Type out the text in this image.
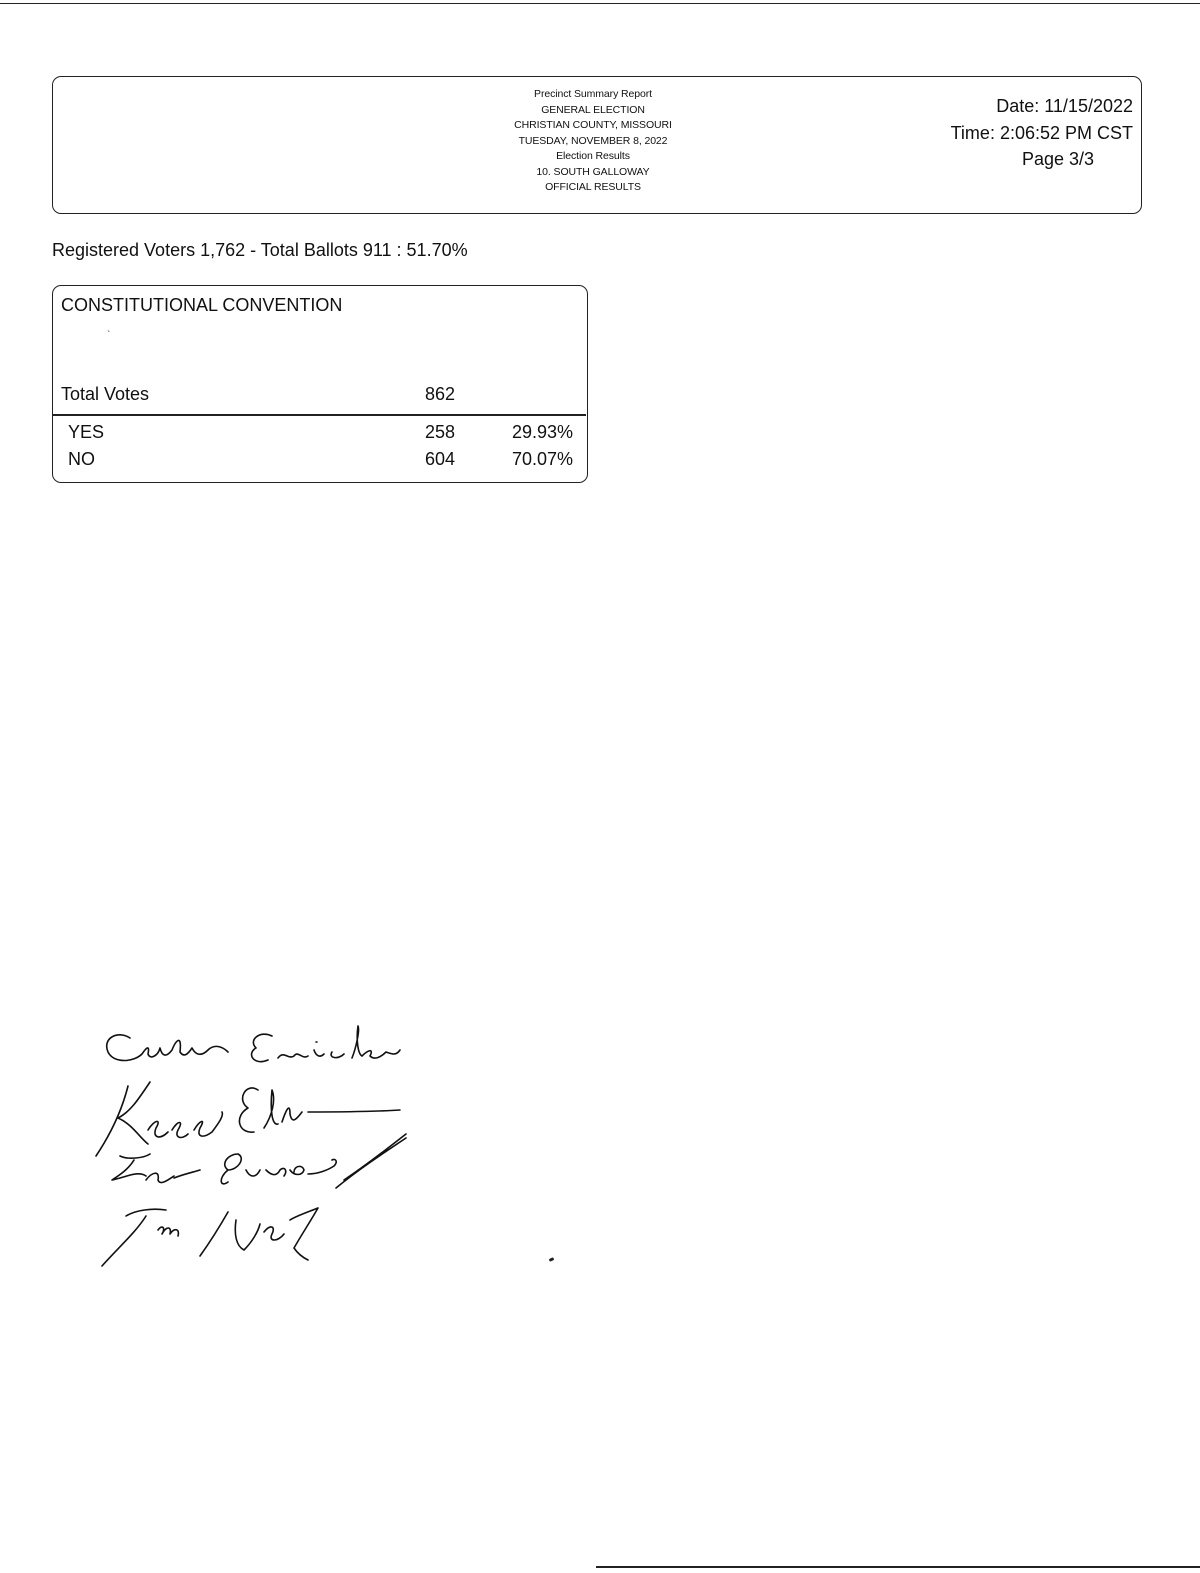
Precinct Summary Report
GENERAL ELECTION
CHRISTIAN COUNTY, MISSOURI
TUESDAY, NOVEMBER 8, 2022
Election Results
10. SOUTH GALLOWAY
OFFICIAL RESULTS
Date: 11/15/2022
Time: 2:06:52 PM CST
Page 3/3
Registered Voters 1,762 - Total Ballots 911 : 51.70%
CONSTITUTIONAL CONVENTION
`
Total Votes	862
YES	258	29.93%
NO	604	70.07%
